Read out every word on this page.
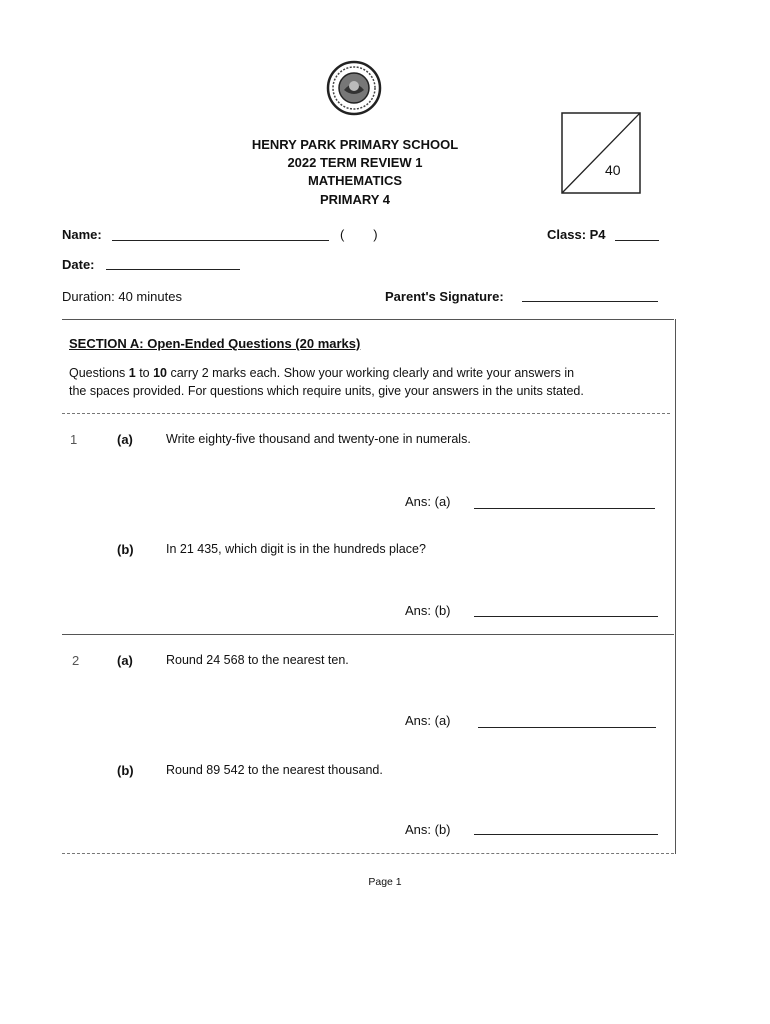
HENRY PARK PRIMARY SCHOOL
2022 TERM REVIEW 1
MATHEMATICS
PRIMARY 4
40
Name:	(        )	Class: P4
Date:
Duration: 40 minutes	Parent's Signature:
SECTION A: Open-Ended Questions (20 marks)
Questions 1 to 10 carry 2 marks each. Show your working clearly and write your answers in
the spaces provided. For questions which require units, give your answers in the units stated.
1	(a)	Write eighty-five thousand and twenty-one in numerals.
Ans: (a)
(b)	In 21 435, which digit is in the hundreds place?
Ans: (b)
2	(a)	Round 24 568 to the nearest ten.
Ans: (a)
(b)	Round 89 542 to the nearest thousand.
Ans: (b)
Page 1
